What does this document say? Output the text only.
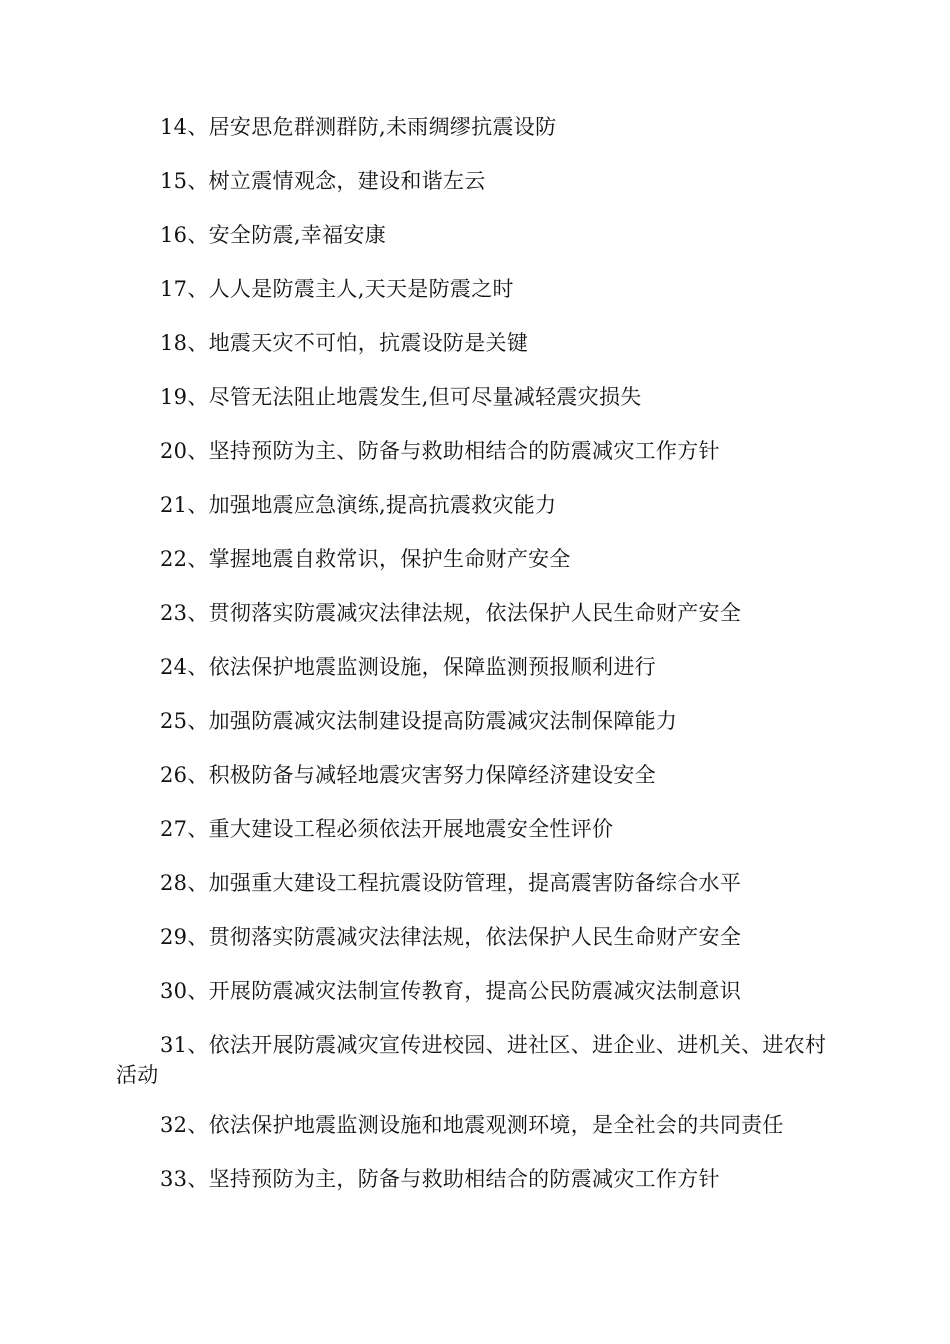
14、居安思危群测群防,未雨绸缪抗震设防

15、树立震情观念，建设和谐左云

16、安全防震,幸福安康

17、人人是防震主人,天天是防震之时

18、地震天灾不可怕，抗震设防是关键

19、尽管无法阻止地震发生,但可尽量减轻震灾损失

20、坚持预防为主、防备与救助相结合的防震减灾工作方针

21、加强地震应急演练,提高抗震救灾能力

22、掌握地震自救常识，保护生命财产安全

23、贯彻落实防震减灾法律法规，依法保护人民生命财产安全

24、依法保护地震监测设施，保障监测预报顺利进行

25、加强防震减灾法制建设提高防震减灾法制保障能力

26、积极防备与减轻地震灾害努力保障经济建设安全

27、重大建设工程必须依法开展地震安全性评价

28、加强重大建设工程抗震设防管理，提高震害防备综合水平

29、贯彻落实防震减灾法律法规，依法保护人民生命财产安全

30、开展防震减灾法制宣传教育，提高公民防震减灾法制意识

31、依法开展防震减灾宣传进校园、进社区、进企业、进机关、进农村活动

32、依法保护地震监测设施和地震观测环境，是全社会的共同责任

33、坚持预防为主，防备与救助相结合的防震减灾工作方针
